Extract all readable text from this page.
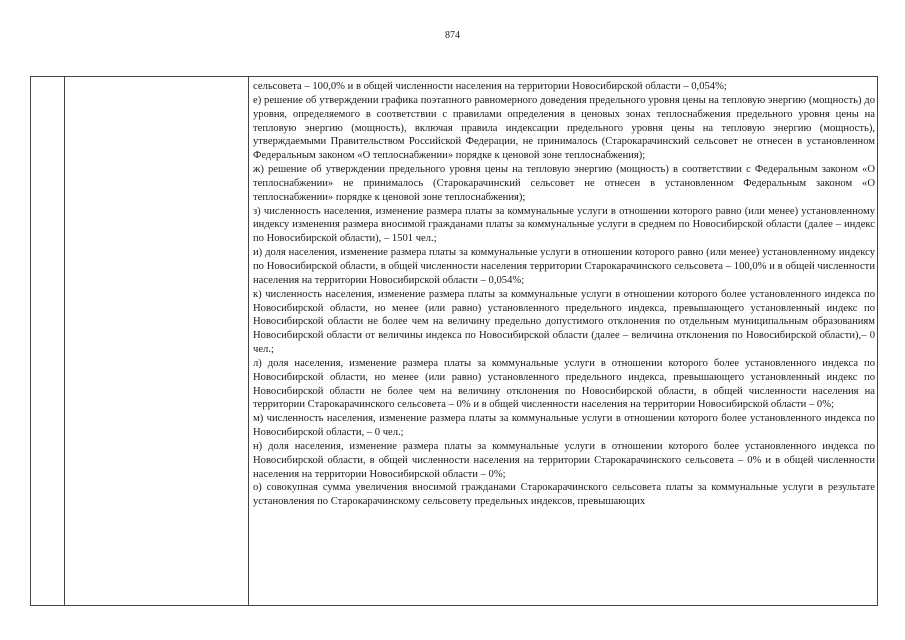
874

сельсовета – 100,0% и в общей численности населения на территории Новосибирской области – 0,054%;

е) решение об утверждении графика поэтапного равномерного доведения предельного уровня цены на тепловую энергию (мощность) до уровня, определяемого в соответствии с правилами определения в ценовых зонах теплоснабжения предельного уровня цены на тепловую энергию (мощность), включая правила индексации предельного уровня цены на тепловую энергию (мощность), утверждаемыми Правительством Российской Федерации, не принималось (Старокарачинский сельсовет не отнесен в установленном Федеральным законом «О теплоснабжении» порядке к ценовой зоне теплоснабжения);

ж) решение об утверждении предельного уровня цены на тепловую энергию (мощность) в соответствии с Федеральным законом «О теплоснабжении» не принималось (Старокарачинский сельсовет не отнесен в установленном Федеральным законом «О теплоснабжении» порядке к ценовой зоне теплоснабжения);

з) численность населения, изменение размера платы за коммунальные услуги в отношении которого равно (или менее) установленному индексу изменения размера вносимой гражданами платы за коммунальные услуги в среднем по Новосибирской области (далее – индекс по Новосибирской области), – 1501 чел.;

и) доля населения, изменение размера платы за коммунальные услуги в отношении которого равно (или менее) установленному индексу по Новосибирской области, в общей численности населения территории Старокарачинского сельсовета – 100,0% и в общей численности населения на территории Новосибирской области – 0,054%;

к) численность населения, изменение размера платы за коммунальные услуги в отношении которого более установленного индекса по Новосибирской области, но менее (или равно) установленного предельного индекса, превышающего установленный индекс по Новосибирской области не более чем на величину предельно допустимого отклонения по отдельным муниципальным образованиям Новосибирской области от величины индекса по Новосибирской области (далее – величина отклонения по Новосибирской области),– 0 чел.;

л) доля населения, изменение размера платы за коммунальные услуги в отношении которого более установленного индекса по Новосибирской области, но менее (или равно) установленного предельного индекса, превышающего установленный индекс по Новосибирской области не более чем на величину отклонения по Новосибирской области, в общей численности населения на территории Старокарачинского сельсовета – 0% и в общей численности населения на территории Новосибирской области – 0%;

м) численность населения, изменение размера платы за коммунальные услуги в отношении которого более установленного индекса по Новосибирской области, – 0 чел.;

н) доля населения, изменение размера платы за коммунальные услуги в отношении которого более установленного индекса по Новосибирской области, в общей численности населения на территории Старокарачинского сельсовета – 0% и в общей численности населения на территории Новосибирской области – 0%;

о) совокупная сумма увеличения вносимой гражданами Старокарачинского сельсовета платы за коммунальные услуги в результате установления по Старокарачинскому сельсовету предельных индексов, превышающих
